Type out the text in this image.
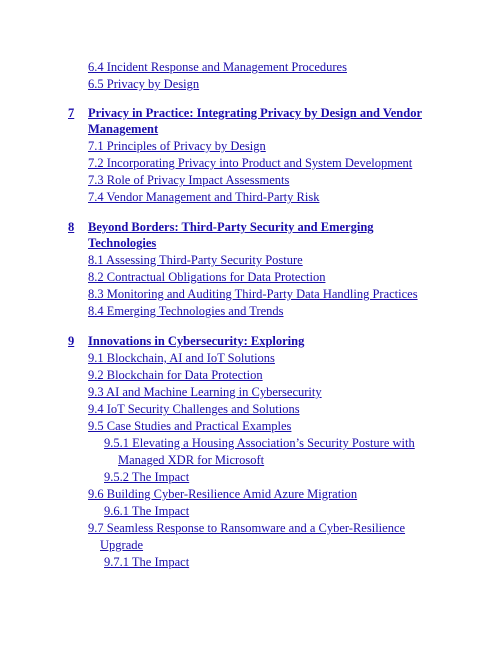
6.4 Incident Response and Management Procedures
6.5 Privacy by Design
7 Privacy in Practice: Integrating Privacy by Design and Vendor
Management
7.1 Principles of Privacy by Design
7.2 Incorporating Privacy into Product and System Development
7.3 Role of Privacy Impact Assessments
7.4 Vendor Management and Third-Party Risk
8 Beyond Borders: Third-Party Security and Emerging
Technologies
8.1 Assessing Third-Party Security Posture
8.2 Contractual Obligations for Data Protection
8.3 Monitoring and Auditing Third-Party Data Handling Practices
8.4 Emerging Technologies and Trends
9 Innovations in Cybersecurity: Exploring
9.1 Blockchain, AI and IoT Solutions
9.2 Blockchain for Data Protection
9.3 AI and Machine Learning in Cybersecurity
9.4 IoT Security Challenges and Solutions
9.5 Case Studies and Practical Examples
9.5.1 Elevating a Housing Association’s Security Posture with
Managed XDR for Microsoft
9.5.2 The Impact
9.6 Building Cyber-Resilience Amid Azure Migration
9.6.1 The Impact
9.7 Seamless Response to Ransomware and a Cyber-Resilience
Upgrade
9.7.1 The Impact
